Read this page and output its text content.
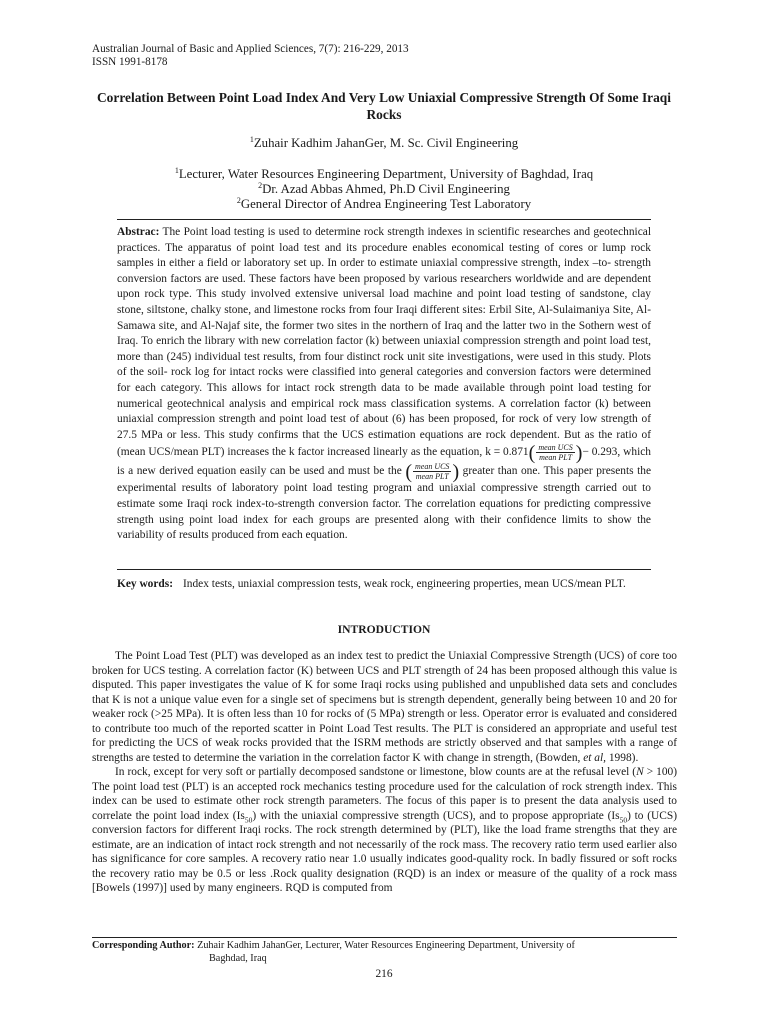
Australian Journal of Basic and Applied Sciences, 7(7): 216-229, 2013
ISSN 1991-8178
Correlation Between Point Load Index And Very Low Uniaxial Compressive Strength Of Some Iraqi Rocks
$^1$Zuhair Kadhim JahanGer, M. Sc. Civil Engineering
$^1$Lecturer, Water Resources Engineering Department, University of Baghdad, Iraq
$^2$Dr. Azad Abbas Ahmed, Ph.D Civil Engineering
$^2$General Director of Andrea Engineering Test Laboratory
Abstrac: The Point load testing is used to determine rock strength indexes in scientific researches and geotechnical practices. The apparatus of point load test and its procedure enables economical testing of cores or lump rock samples in either a field or laboratory set up. In order to estimate uniaxial compressive strength, index –to- strength conversion factors are used. These factors have been proposed by various researchers worldwide and are dependent upon rock type. This study involved extensive universal load machine and point load testing of sandstone, clay stone, siltstone, chalky stone, and limestone rocks from four Iraqi different sites: Erbil Site, Al-Sulaimaniya Site, Al-Samawa site, and Al-Najaf site, the former two sites in the northern of Iraq and the latter two in the Sothern west of Iraq. To enrich the library with new correlation factor (k) between uniaxial compression strength and point load test, more than (245) individual test results, from four distinct rock unit site investigations, were used in this study. Plots of the soil- rock log for intact rocks were classified into general categories and conversion factors were determined for each category. This allows for intact rock strength data to be made available through point load testing for numerical geotechnical analysis and empirical rock mass classification systems. A correlation factor (k) between uniaxial compression strength and point load test of about (6) has been proposed, for rock of very low strength of 27.5 MPa or less. This study confirms that the UCS estimation equations are rock dependent. But as the ratio of (mean UCS/mean PLT) increases the k factor increased linearly as the equation, k = 0.871 ( $\frac{\text{mean UCS}}{\text{mean PLT}}$ ) − 0.293, which is a new derived equation easily can be used and must be the ( $\frac{\text{mean UCS}}{\text{mean PLT}}$ ) greater than one. This paper presents the experimental results of laboratory point load testing program and uniaxial compressive strength carried out to estimate some Iraqi rock index-to-strength conversion factor. The correlation equations for predicting compressive strength using point load index for each groups are presented along with their confidence limits to show the variability of results produced from each equation.
Key words: Index tests, uniaxial compression tests, weak rock, engineering properties, mean UCS/mean PLT.
INTRODUCTION

The Point Load Test (PLT) was developed as an index test to predict the Uniaxial Compressive Strength (UCS) of core too broken for UCS testing. A correlation factor (K) between UCS and PLT strength of 24 has been proposed although this value is disputed. This paper investigates the value of K for some Iraqi rocks using published and unpublished data sets and concludes that K is not a unique value even for a single set of specimens but is strength dependent, generally being between 10 and 20 for weaker rock (>25 MPa). It is often less than 10 for rocks of (5 MPa) strength or less. Operator error is evaluated and considered to contribute too much of the reported scatter in Point Load Test results. The PLT is considered an appropriate and useful test for predicting the UCS of weak rocks provided that the ISRM methods are strictly observed and that samples with a range of strengths are tested to determine the variation in the correlation factor K with change in strength, (Bowden, et al, 1998).

In rock, except for very soft or partially decomposed sandstone or limestone, blow counts are at the refusal level (N > 100) The point load test (PLT) is an accepted rock mechanics testing procedure used for the calculation of rock strength index. This index can be used to estimate other rock strength parameters. The focus of this paper is to present the data analysis used to correlate the point load index $(Is_{50})$ with the uniaxial compressive strength (UCS), and to propose appropriate $(Is_{50})$ to (UCS) conversion factors for different Iraqi rocks. The rock strength determined by (PLT), like the load frame strengths that they are estimate, are an indication of intact rock strength and not necessarily of the rock mass. The recovery ratio term used earlier also has significance for core samples. A recovery ratio near 1.0 usually indicates good-quality rock. In badly fissured or soft rocks the recovery ratio may be 0.5 or less .Rock quality designation (RQD) is an index or measure of the quality of a rock mass [Bowels (1997)] used by many engineers. RQD is computed from

Corresponding Author: Zuhair Kadhim JahanGer, Lecturer, Water Resources Engineering Department, University of
Baghdad, Iraq
216
